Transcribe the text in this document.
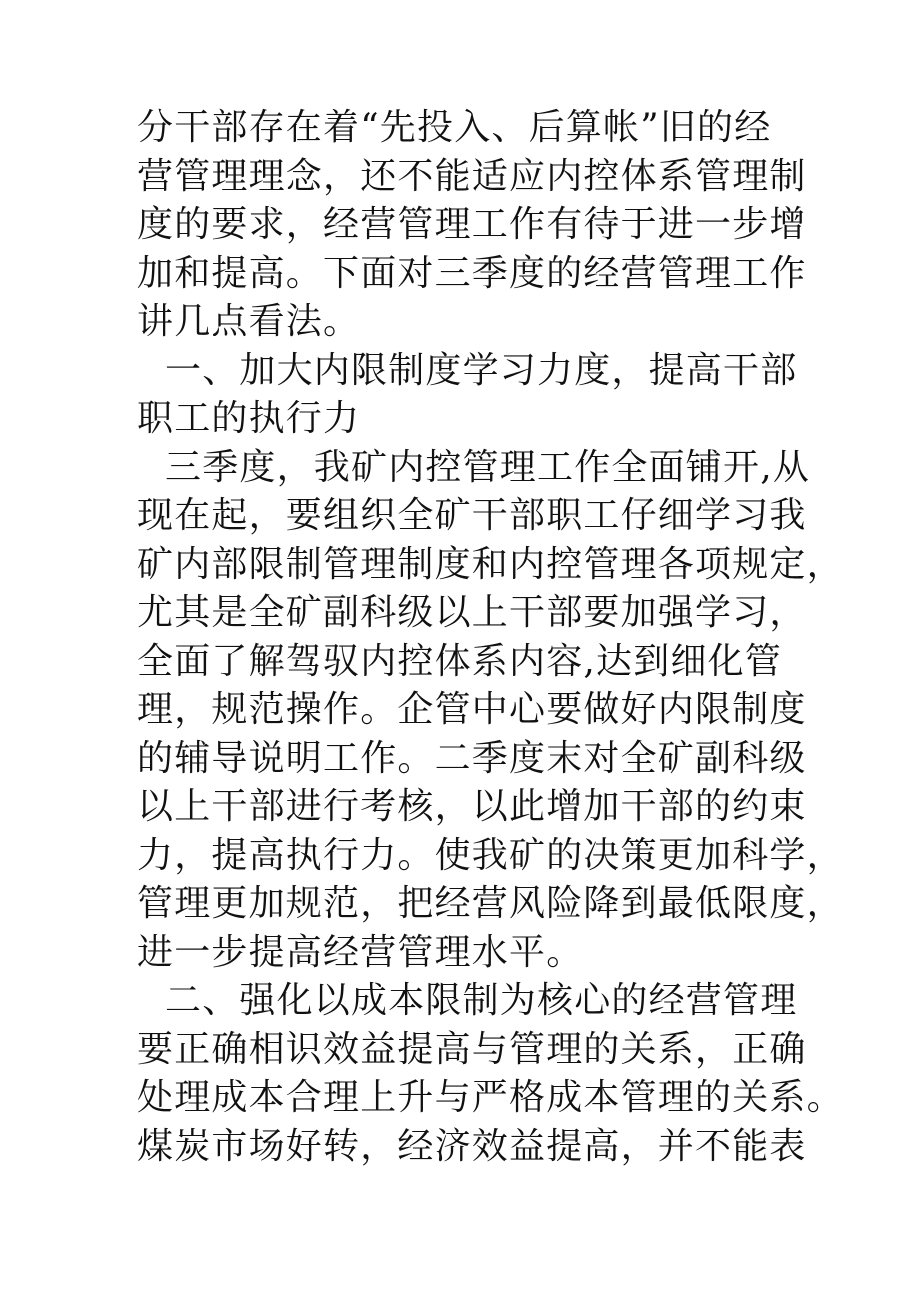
分干部存在着“先投入、后算帐”旧的经
营管理理念，还不能适应内控体系管理制
度的要求，经营管理工作有待于进一步增
加和提高。下面对三季度的经营管理工作
讲几点看法。
一、加大内限制度学习力度，提高干部
职工的执行力
三季度，我矿内控管理工作全面铺开,从
现在起，要组织全矿干部职工仔细学习我
矿内部限制管理制度和内控管理各项规定，
尤其是全矿副科级以上干部要加强学习，
全面了解驾驭内控体系内容,达到细化管
理，规范操作。企管中心要做好内限制度
的辅导说明工作。二季度末对全矿副科级
以上干部进行考核，以此增加干部的约束
力，提高执行力。使我矿的决策更加科学，
管理更加规范，把经营风险降到最低限度，
进一步提高经营管理水平。
二、强化以成本限制为核心的经营管理
要正确相识效益提高与管理的关系，正确
处理成本合理上升与严格成本管理的关系。
煤炭市场好转，经济效益提高，并不能表
